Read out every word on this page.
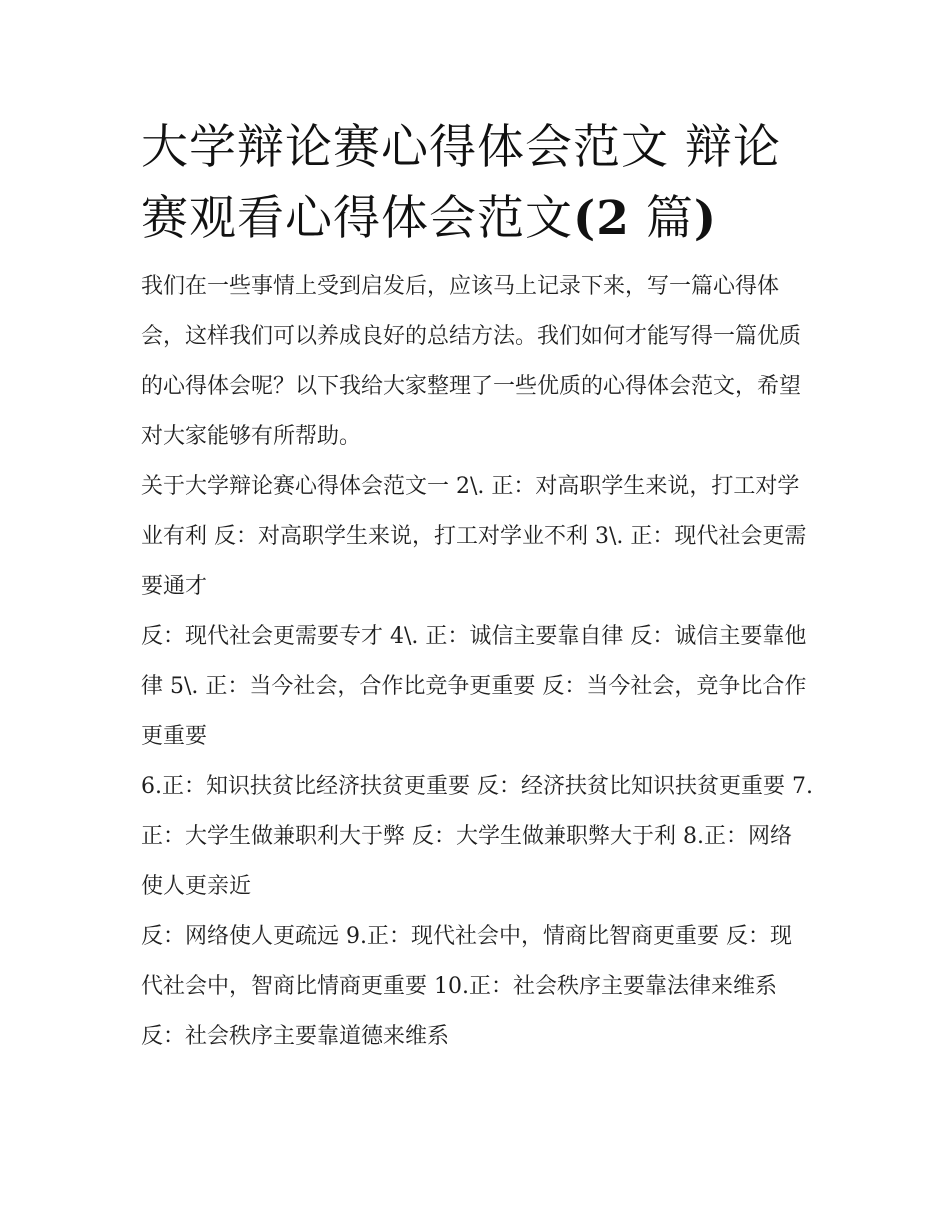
大学辩论赛心得体会范文 辩论赛观看心得体会范文(2 篇)

我们在一些事情上受到启发后，应该马上记录下来，写一篇心得体会，这样我们可以养成良好的总结方法。我们如何才能写得一篇优质的心得体会呢？以下我给大家整理了一些优质的心得体会范文，希望对大家能够有所帮助。

关于大学辩论赛心得体会范文一 2\. 正：对高职学生来说，打工对学业有利 反：对高职学生来说，打工对学业不利 3\. 正：现代社会更需要通才

反：现代社会更需要专才 4\. 正：诚信主要靠自律 反：诚信主要靠他律 5\. 正：当今社会，合作比竞争更重要 反：当今社会，竞争比合作更重要

6.正：知识扶贫比经济扶贫更重要 反：经济扶贫比知识扶贫更重要 7.正：大学生做兼职利大于弊 反：大学生做兼职弊大于利 8.正：网络使人更亲近

反：网络使人更疏远 9.正：现代社会中，情商比智商更重要 反：现代社会中，智商比情商更重要 10.正：社会秩序主要靠法律来维系 反：社会秩序主要靠道德来维系
